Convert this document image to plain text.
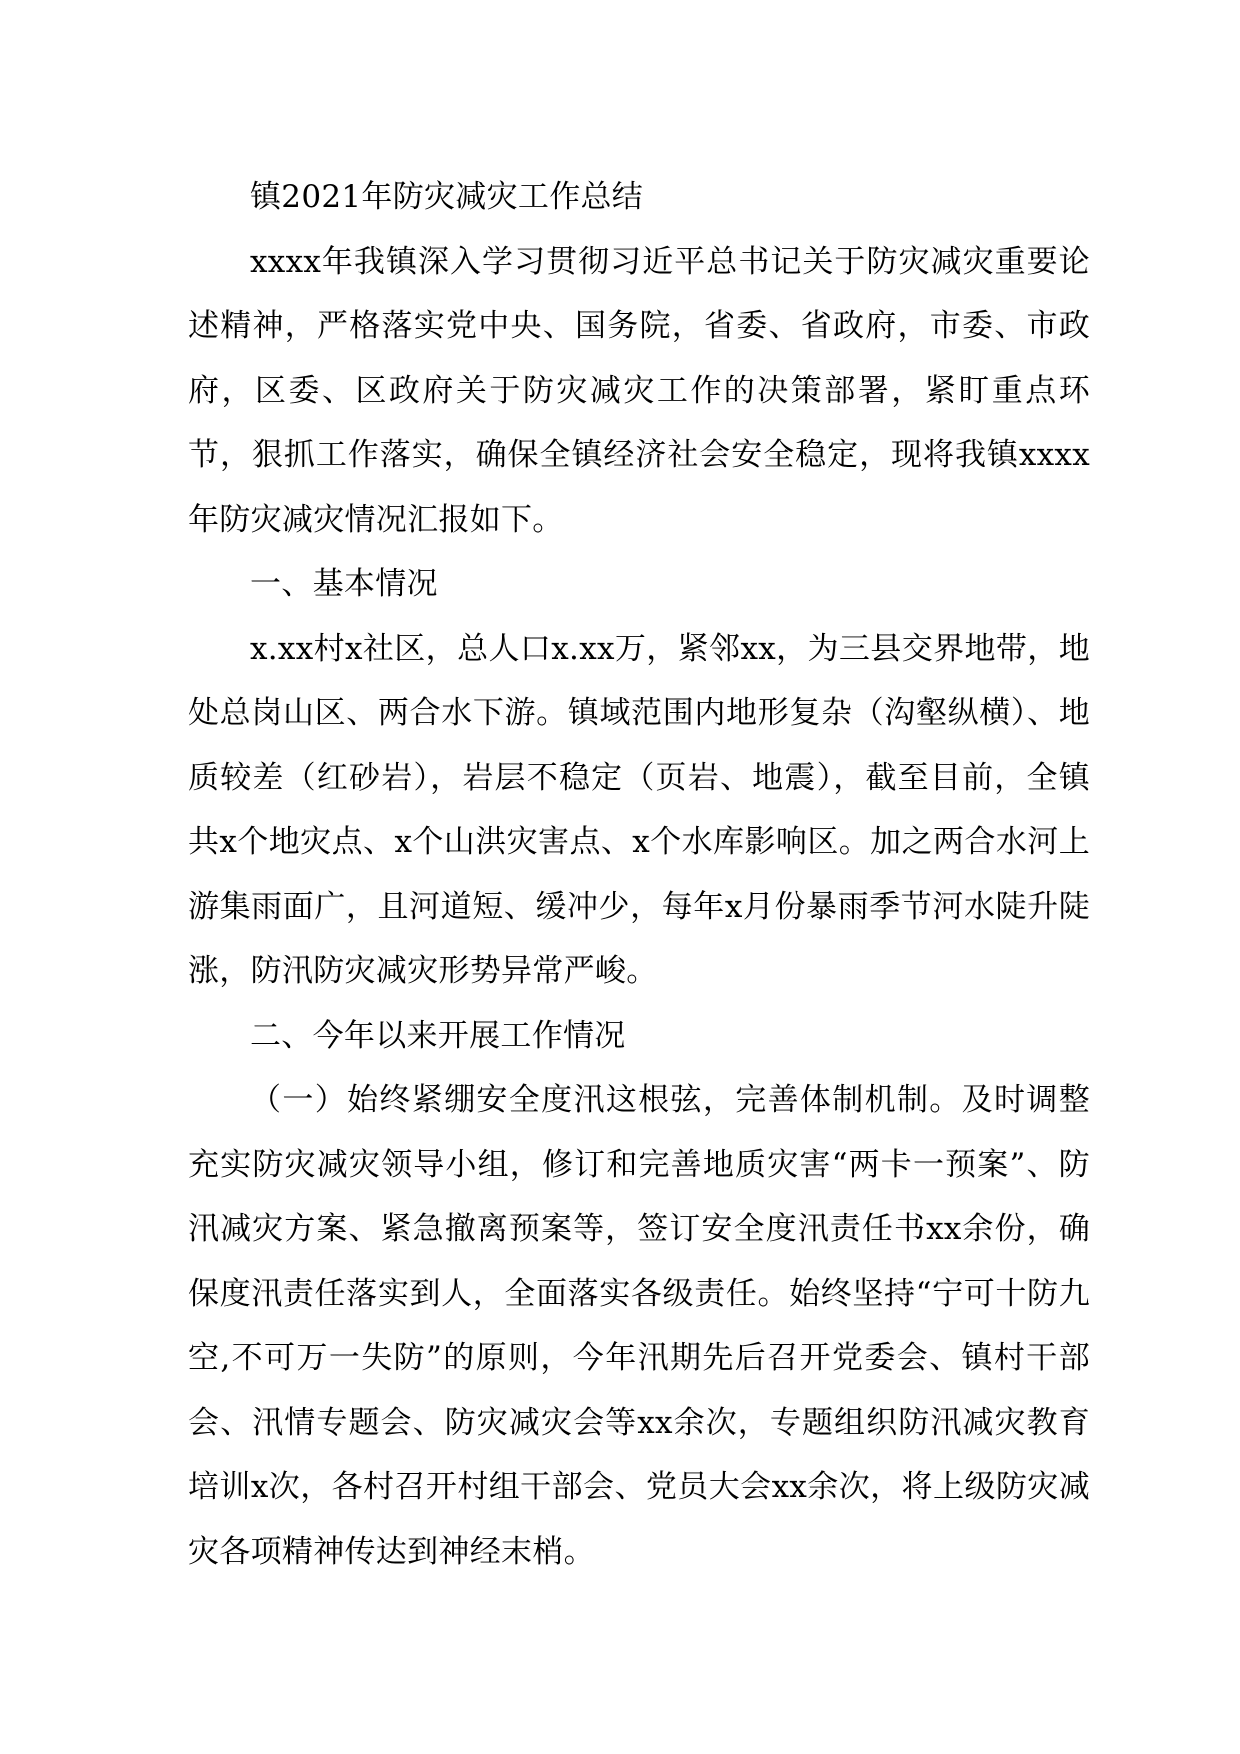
镇2021年防灾减灾工作总结

xxxx年我镇深入学习贯彻习近平总书记关于防灾减灾重要论述精神，严格落实党中央、国务院，省委、省政府，市委、市政府，区委、区政府关于防灾减灾工作的决策部署，紧盯重点环节，狠抓工作落实，确保全镇经济社会安全稳定，现将我镇xxxx年防灾减灾情况汇报如下。

一、基本情况

x.xx村x社区，总人口x.xx万，紧邻xx，为三县交界地带，地处总岗山区、两合水下游。镇域范围内地形复杂（沟壑纵横）、地质较差（红砂岩），岩层不稳定（页岩、地震），截至目前，全镇共x个地灾点、x个山洪灾害点、x个水库影响区。加之两合水河上游集雨面广，且河道短、缓冲少，每年x月份暴雨季节河水陡升陡涨，防汛防灾减灾形势异常严峻。

二、今年以来开展工作情况

（一）始终紧绷安全度汛这根弦，完善体制机制。及时调整充实防灾减灾领导小组，修订和完善地质灾害“两卡一预案”、防汛减灾方案、紧急撤离预案等，签订安全度汛责任书xx余份，确保度汛责任落实到人，全面落实各级责任。始终坚持“宁可十防九空,不可万一失防”的原则，今年汛期先后召开党委会、镇村干部会、汛情专题会、防灾减灾会等xx余次，专题组织防汛减灾教育培训x次，各村召开村组干部会、党员大会xx余次，将上级防灾减灾各项精神传达到神经末梢。
